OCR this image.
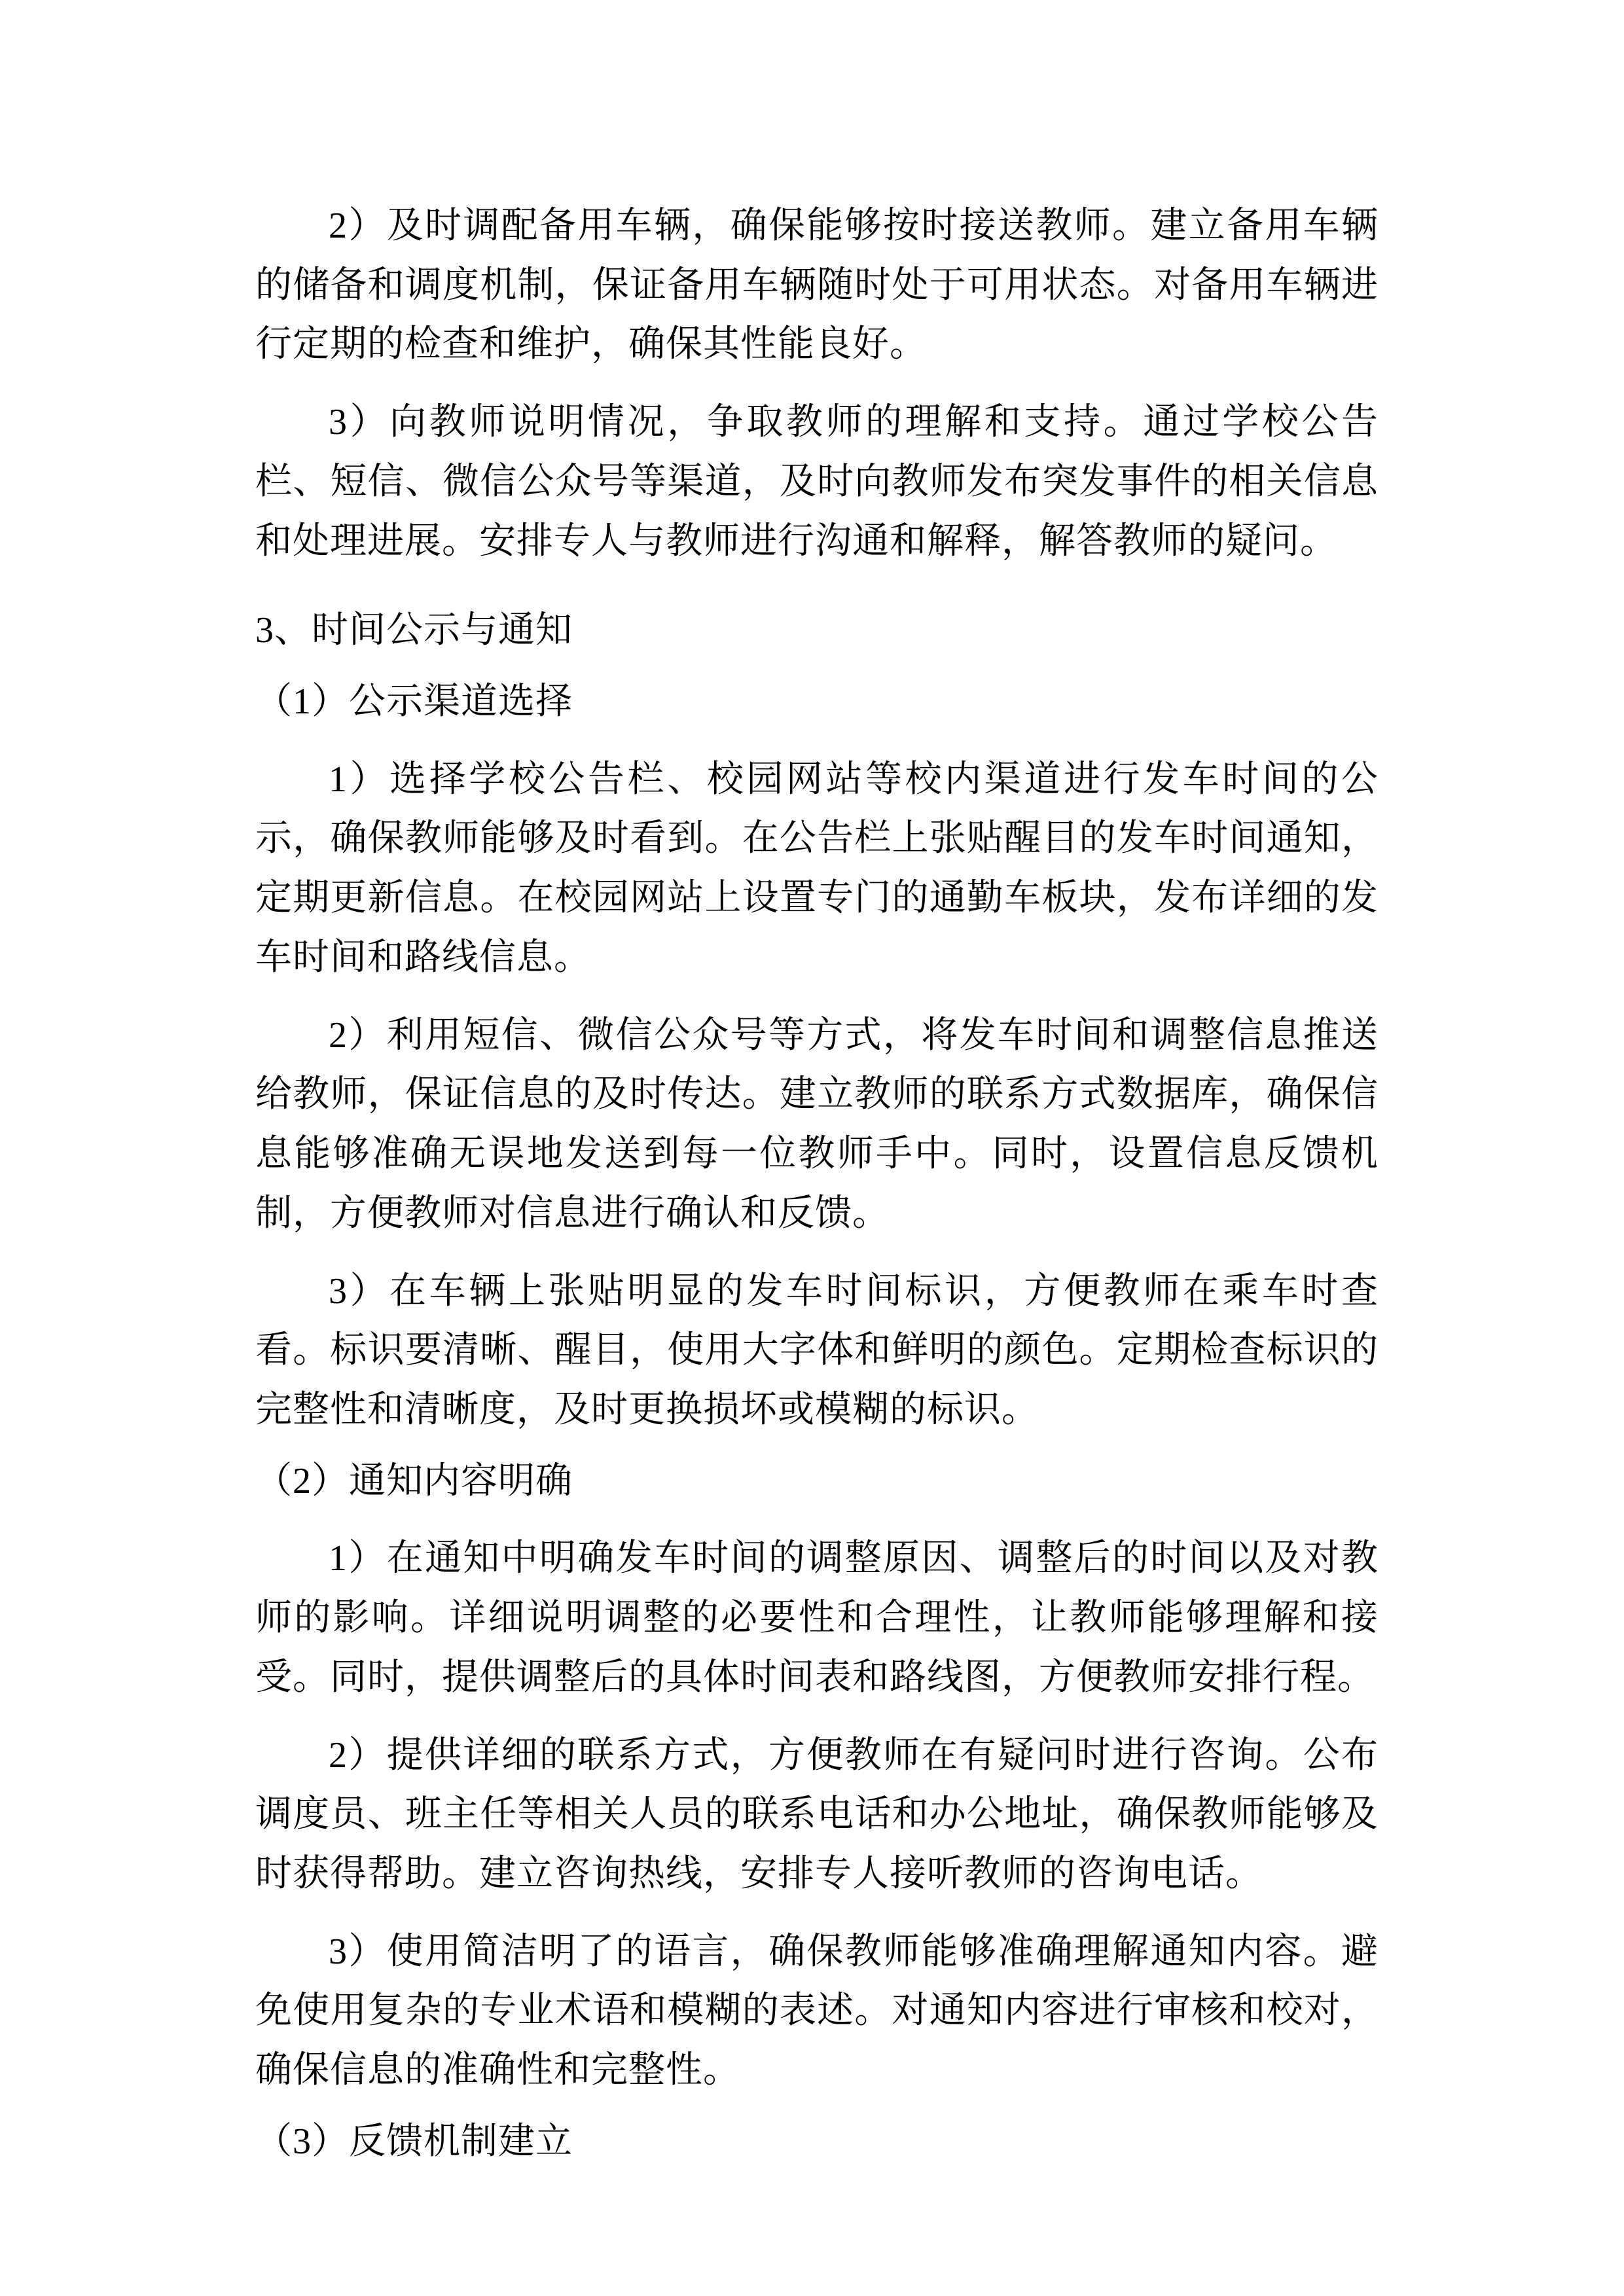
2）及时调配备用车辆，确保能够按时接送教师。建立备用车辆的储备和调度机制，保证备用车辆随时处于可用状态。对备用车辆进行定期的检查和维护，确保其性能良好。

3）向教师说明情况，争取教师的理解和支持。通过学校公告栏、短信、微信公众号等渠道，及时向教师发布突发事件的相关信息和处理进展。安排专人与教师进行沟通和解释，解答教师的疑问。

3、时间公示与通知

（1）公示渠道选择

1）选择学校公告栏、校园网站等校内渠道进行发车时间的公示，确保教师能够及时看到。在公告栏上张贴醒目的发车时间通知，定期更新信息。在校园网站上设置专门的通勤车板块，发布详细的发车时间和路线信息。

2）利用短信、微信公众号等方式，将发车时间和调整信息推送给教师，保证信息的及时传达。建立教师的联系方式数据库，确保信息能够准确无误地发送到每一位教师手中。同时，设置信息反馈机制，方便教师对信息进行确认和反馈。

3）在车辆上张贴明显的发车时间标识，方便教师在乘车时查看。标识要清晰、醒目，使用大字体和鲜明的颜色。定期检查标识的完整性和清晰度，及时更换损坏或模糊的标识。

（2）通知内容明确

1）在通知中明确发车时间的调整原因、调整后的时间以及对教师的影响。详细说明调整的必要性和合理性，让教师能够理解和接受。同时，提供调整后的具体时间表和路线图，方便教师安排行程。

2）提供详细的联系方式，方便教师在有疑问时进行咨询。公布调度员、班主任等相关人员的联系电话和办公地址，确保教师能够及时获得帮助。建立咨询热线，安排专人接听教师的咨询电话。

3）使用简洁明了的语言，确保教师能够准确理解通知内容。避免使用复杂的专业术语和模糊的表述。对通知内容进行审核和校对，确保信息的准确性和完整性。

（3）反馈机制建立
